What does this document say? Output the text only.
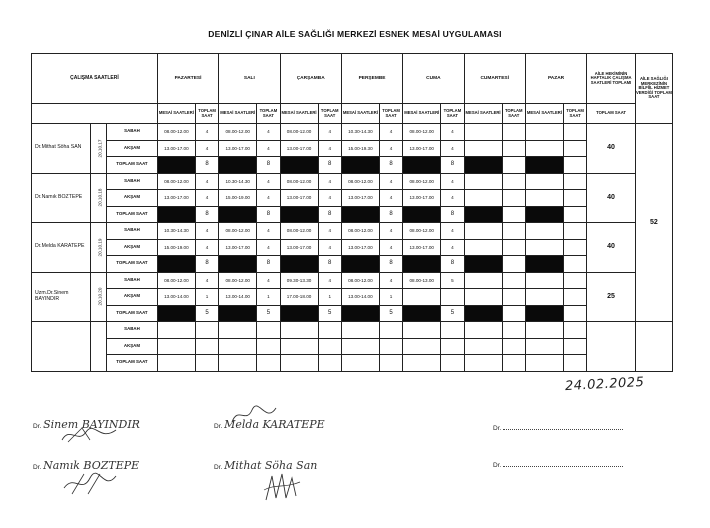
DENİZLİ ÇINAR AİLE SAĞLIĞI MERKEZİ ESNEK MESAİ UYGULAMASI
ÇALIŞMA SAATLERİ			PAZARTESİ		SALI		ÇARŞAMBA		PERŞEMBE		CUMA		CUMARTESİ		PAZAR		AİLE HEKİMİNİN HAFTALIK ÇALIŞMA SAATLERİ TOPLAMI	AİLE SAĞLIĞI MERKEZİNİN BİLFİİL HİZMET VERDİĞİ TOPLAM SAAT
			MESAİ SAATLERİ	TOPLAM SAAT	MESAİ SAATLERİ	TOPLAM SAAT	MESAİ SAATLERİ	TOPLAM SAAT	MESAİ SAATLERİ	TOPLAM SAAT	MESAİ SAATLERİ	TOPLAM SAAT	MESAİ SAATLERİ	TOPLAM SAAT	MESAİ SAATLERİ	TOPLAM SAAT	TOPLAM SAAT	
Dr.Mithat Söha SAN	20.10.17	SABAH	08.00-12.00	4	08.00-12.00	4	08.00-12.00	4	10.30-14.30	4	08.00-12.00	4					40	52
		AKŞAM	13.00-17.00	4	13.00-17.00	4	13.00-17.00	4	15.00-19.30	4	13.00-17.00	4						
		TOPLAM SAAT		8		8		8		8		8						
Dr.Namık BOZTEPE	20.10.18	SABAH	08.00-12.00	4	10.30-14.30	4	08.00-12.00	4	08.00-12.00	4	08.00-12.00	4					40	
		AKŞAM	13.00-17.00	4	15.00-19.00	4	13.00-17.00	4	13.00-17.00	4	13.00-17.00	4						
		TOPLAM SAAT		8		8		8		8		8						
Dr.Melda KARATEPE	20.10.19	SABAH	10.30-14.30	4	08.00-12.00	4	08.00-12.00	4	08.00-12.00	4	08.00-12.00	4					40	
		AKŞAM	15.00-19.00	4	13.00-17.00	4	13.00-17.00	4	13.00-17.00	4	13.00-17.00	4						
		TOPLAM SAAT		8		8		8		8		8						
Uzm.Dr.Sinem BAYINDIR	20.10.20	SABAH	08.00-12.00	4	08.00-12.00	4	09.30-13.30	4	08.00-12.00	4	08.00-13.00	5					25	
		AKŞAM	13.00-14.00	1	13.00-14.00	1	17.00-18.00	1	13.00-14.00	1								
		TOPLAM SAAT		5		5		5		5		5						
		SABAH																
		AKŞAM																
		TOPLAM SAAT																
24.02.2025
Dr. Sinem BAYINDIR	Dr. Melda KARATEPE	Dr.
Dr. Namık BOZTEPE	Dr. Mithat Söha San	Dr.
